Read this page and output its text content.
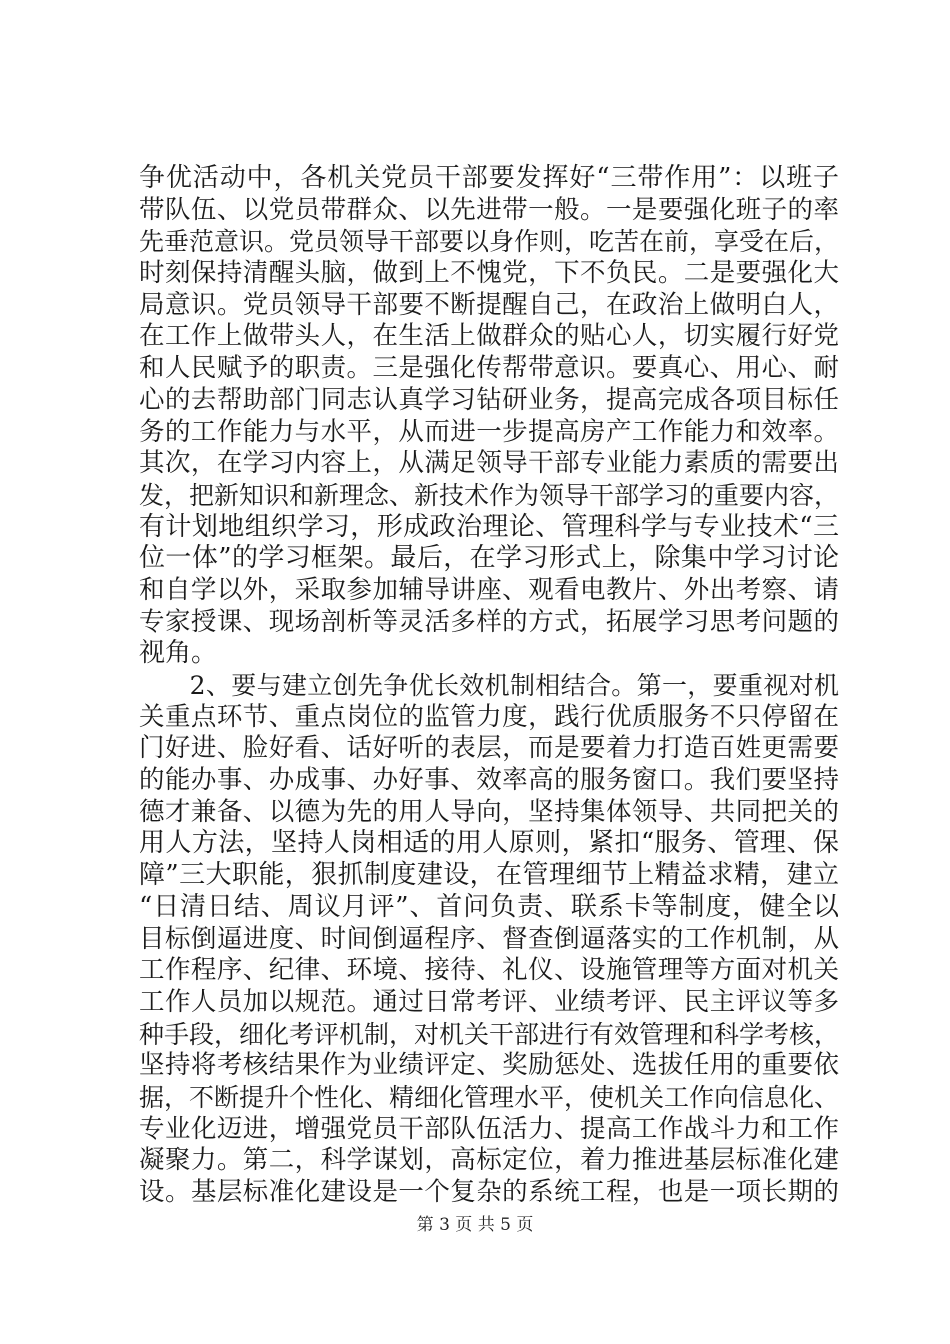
争优活动中，各机关党员干部要发挥好“三带作用”：以班子
带队伍、以党员带群众、以先进带一般。一是要强化班子的率
先垂范意识。党员领导干部要以身作则，吃苦在前，享受在后，
时刻保持清醒头脑，做到上不愧党，下不负民。二是要强化大
局意识。党员领导干部要不断提醒自己，在政治上做明白人，
在工作上做带头人，在生活上做群众的贴心人，切实履行好党
和人民赋予的职责。三是强化传帮带意识。要真心、用心、耐
心的去帮助部门同志认真学习钻研业务，提高完成各项目标任
务的工作能力与水平，从而进一步提高房产工作能力和效率。
其次，在学习内容上，从满足领导干部专业能力素质的需要出
发，把新知识和新理念、新技术作为领导干部学习的重要内容，
有计划地组织学习，形成政治理论、管理科学与专业技术“三
位一体”的学习框架。最后，在学习形式上，除集中学习讨论
和自学以外，采取参加辅导讲座、观看电教片、外出考察、请
专家授课、现场剖析等灵活多样的方式，拓展学习思考问题的
视角。
　　2、要与建立创先争优长效机制相结合。第一，要重视对机
关重点环节、重点岗位的监管力度，践行优质服务不只停留在
门好进、脸好看、话好听的表层，而是要着力打造百姓更需要
的能办事、办成事、办好事、效率高的服务窗口。我们要坚持
德才兼备、以德为先的用人导向，坚持集体领导、共同把关的
用人方法，坚持人岗相适的用人原则，紧扣“服务、管理、保
障”三大职能，狠抓制度建设，在管理细节上精益求精，建立
“日清日结、周议月评”、首问负责、联系卡等制度，健全以
目标倒逼进度、时间倒逼程序、督查倒逼落实的工作机制，从
工作程序、纪律、环境、接待、礼仪、设施管理等方面对机关
工作人员加以规范。通过日常考评、业绩考评、民主评议等多
种手段，细化考评机制，对机关干部进行有效管理和科学考核，
坚持将考核结果作为业绩评定、奖励惩处、选拔任用的重要依
据，不断提升个性化、精细化管理水平，使机关工作向信息化、
专业化迈进，增强党员干部队伍活力、提高工作战斗力和工作
凝聚力。第二，科学谋划，高标定位，着力推进基层标准化建
设。基层标准化建设是一个复杂的系统工程，也是一项长期的
第 3 页 共 5 页
